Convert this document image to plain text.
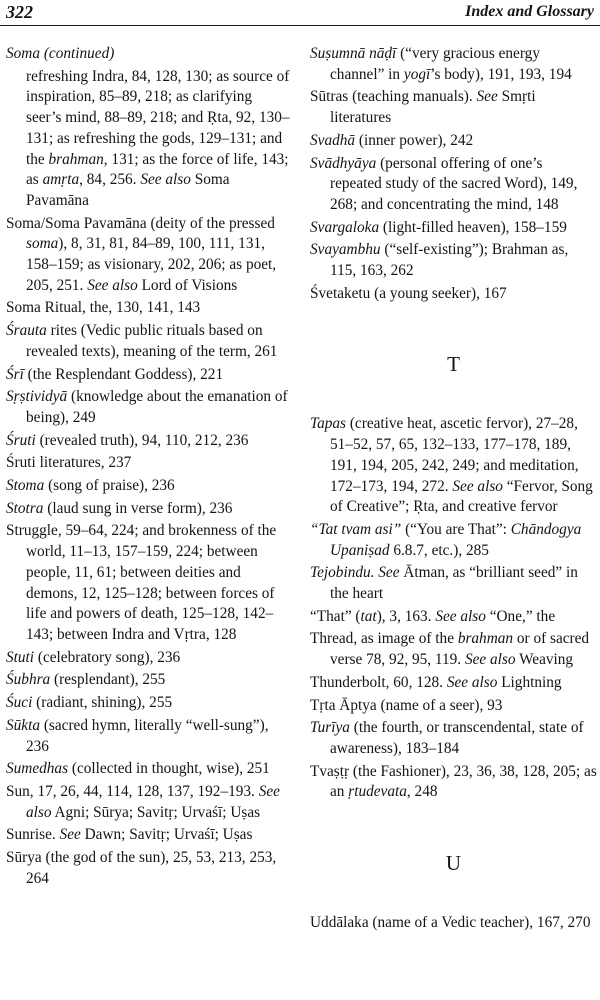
322	Index and Glossary

Soma (continued)

refreshing Indra, 84, 128, 130; as source of inspiration, 85–89, 218; as clarifying seer’s mind, 88–89, 218; and Ṛta, 92, 130–131; as refreshing the gods, 129–131; and the brahman, 131; as the force of life, 143; as amṛta, 84, 256. See also Soma Pavamāna

Soma/Soma Pavamāna (deity of the pressed soma), 8, 31, 81, 84–89, 100, 111, 131, 158–159; as visionary, 202, 206; as poet, 205, 251. See also Lord of Visions

Soma Ritual, the, 130, 141, 143

Śrauta rites (Vedic public rituals based on revealed texts), meaning of the term, 261

Śrī (the Resplendant Goddess), 221

Sṛṣtividyā (knowledge about the emanation of being), 249

Śruti (revealed truth), 94, 110, 212, 236

Śruti literatures, 237

Stoma (song of praise), 236

Stotra (laud sung in verse form), 236

Struggle, 59–64, 224; and brokenness of the world, 11–13, 157–159, 224; between people, 11, 61; between deities and demons, 12, 125–128; between forces of life and powers of death, 125–128, 142–143; between Indra and Vṛtra, 128

Stuti (celebratory song), 236

Śubhra (resplendant), 255

Śuci (radiant, shining), 255

Sūkta (sacred hymn, literally “well-sung”), 236

Sumedhas (collected in thought, wise), 251

Sun, 17, 26, 44, 114, 128, 137, 192–193. See also Agni; Sūrya; Savitṛ; Urvaśī; Uṣas

Sunrise. See Dawn; Savitṛ; Urvaśī; Uṣas

Sūrya (the god of the sun), 25, 53, 213, 253, 264

Suṣumnā nāḍī (“very gracious energy channel” in yogī’s body), 191, 193, 194

Sūtras (teaching manuals). See Smṛti literatures

Svadhā (inner power), 242

Svādhyāya (personal offering of one’s repeated study of the sacred Word), 149, 268; and concentrating the mind, 148

Svargaloka (light-filled heaven), 158–159

Svayambhu (“self-existing”); Brahman as, 115, 163, 262

Śvetaketu (a young seeker), 167

T

Tapas (creative heat, ascetic fervor), 27–28, 51–52, 57, 65, 132–133, 177–178, 189, 191, 194, 205, 242, 249; and meditation, 172–173, 194, 272. See also “Fervor, Song of Creative”; Ṛta, and creative fervor

“Tat tvam asi” (“You are That”: Chāndogya Upaniṣad 6.8.7, etc.), 285

Tejobindu. See Ātman, as “brilliant seed” in the heart

“That” (tat), 3, 163. See also “One,” the

Thread, as image of the brahman or of sacred verse 78, 92, 95, 119. See also Weaving

Thunderbolt, 60, 128. See also Lightning

Tṛta Āptya (name of a seer), 93

Turīya (the fourth, or transcendental, state of awareness), 183–184

Tvaṣṭṛ (the Fashioner), 23, 36, 38, 128, 205; as an ṛtudevata, 248

U

Uddālaka (name of a Vedic teacher), 167, 270
